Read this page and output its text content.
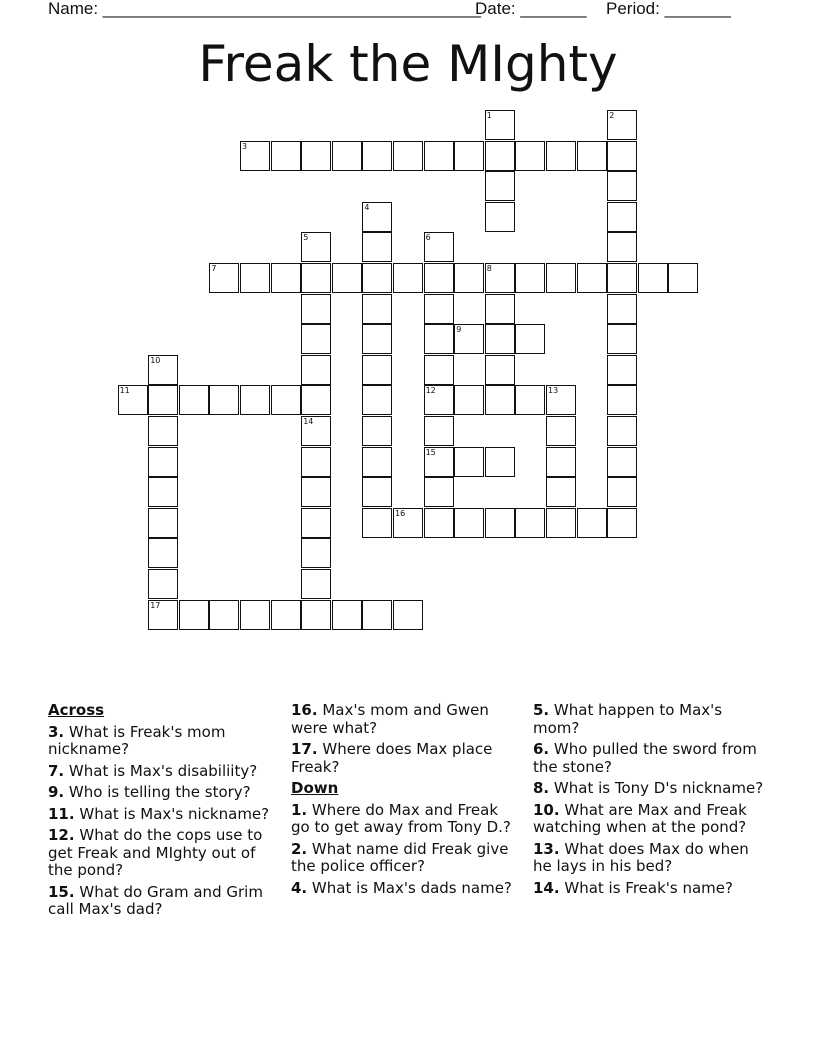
Name: ________________________________________

Date: _______

Period: _______

Freak the MIghty
1	2
3
4
5	6
7	8
9
10
11	12	13
14
15
16
17
Across
3. What is Freak's mom nickname?
7. What is Max's disabiliity?
9. Who is telling the story?
11. What is Max's nickname?
12. What do the cops use to get Freak and MIghty out of the pond?
15. What do Gram and Grim call Max's dad?
16. Max's mom and Gwen were what?
17. Where does Max place Freak?
Down
1. Where do Max and Freak go to get away from Tony D.?
2. What name did Freak give the police officer?
4. What is Max's dads name?
5. What happen to Max's mom?
6. Who pulled the sword from the stone?
8. What is Tony D's nickname?
10. What are Max and Freak watching when at the pond?
13. What does Max do when he lays in his bed?
14. What is Freak's name?
